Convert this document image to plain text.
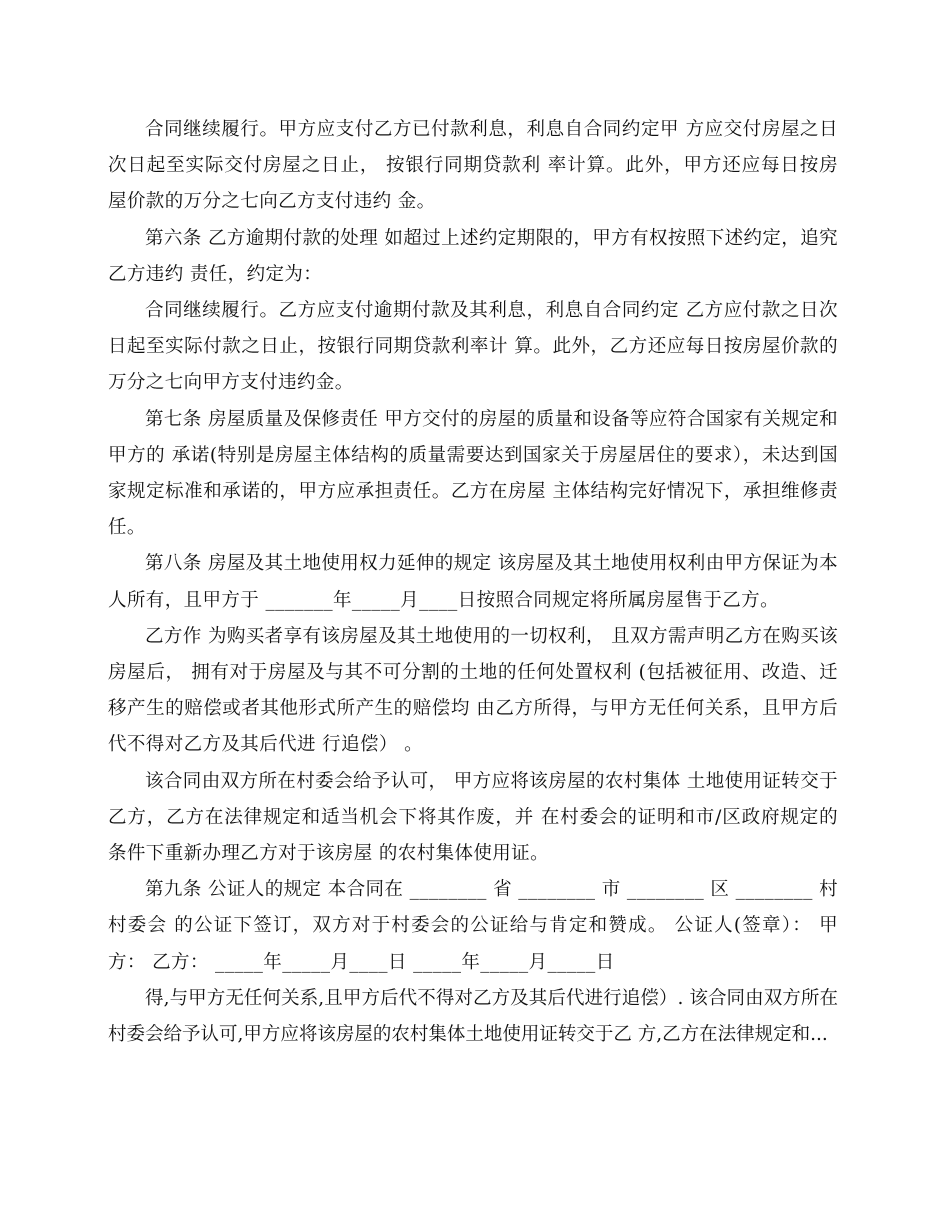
合同继续履行。甲方应支付乙方已付款利息，利息自合同约定甲 方应交付房屋之日次日起至实际交付房屋之日止， 按银行同期贷款利 率计算。此外，甲方还应每日按房屋价款的万分之七向乙方支付违约 金。

第六条 乙方逾期付款的处理 如超过上述约定期限的，甲方有权按照下述约定，追究乙方违约 责任，约定为：

合同继续履行。乙方应支付逾期付款及其利息，利息自合同约定 乙方应付款之日次日起至实际付款之日止，按银行同期贷款利率计 算。此外，乙方还应每日按房屋价款的万分之七向甲方支付违约金。

第七条 房屋质量及保修责任 甲方交付的房屋的质量和设备等应符合国家有关规定和甲方的 承诺(特别是房屋主体结构的质量需要达到国家关于房屋居住的要求），未达到国家规定标准和承诺的，甲方应承担责任。乙方在房屋 主体结构完好情况下，承担维修责任。

第八条 房屋及其土地使用权力延伸的规定 该房屋及其土地使用权利由甲方保证为本人所有，且甲方于 _______年_____月____日按照合同规定将所属房屋售于乙方。

乙方作 为购买者享有该房屋及其土地使用的一切权利， 且双方需声明乙方在购买该房屋后， 拥有对于房屋及与其不可分割的土地的任何处置权利 (包括被征用、改造、迁移产生的赔偿或者其他形式所产生的赔偿均 由乙方所得，与甲方无任何关系，且甲方后代不得对乙方及其后代进 行追偿） 。

该合同由双方所在村委会给予认可， 甲方应将该房屋的农村集体 土地使用证转交于乙方，乙方在法律规定和适当机会下将其作废，并 在村委会的证明和市/区政府规定的条件下重新办理乙方对于该房屋 的农村集体使用证。

第九条 公证人的规定 本合同在 ________ 省 ________ 市 ________ 区 ________ 村村委会 的公证下签订，双方对于村委会的公证给与肯定和赞成。 公证人(签章）： 甲方： 乙方： _____年_____月____日 _____年_____月_____日

得,与甲方无任何关系,且甲方后代不得对乙方及其后代进行追偿）. 该合同由双方所在村委会给予认可,甲方应将该房屋的农村集体土地使用证转交于乙 方,乙方在法律规定和...
